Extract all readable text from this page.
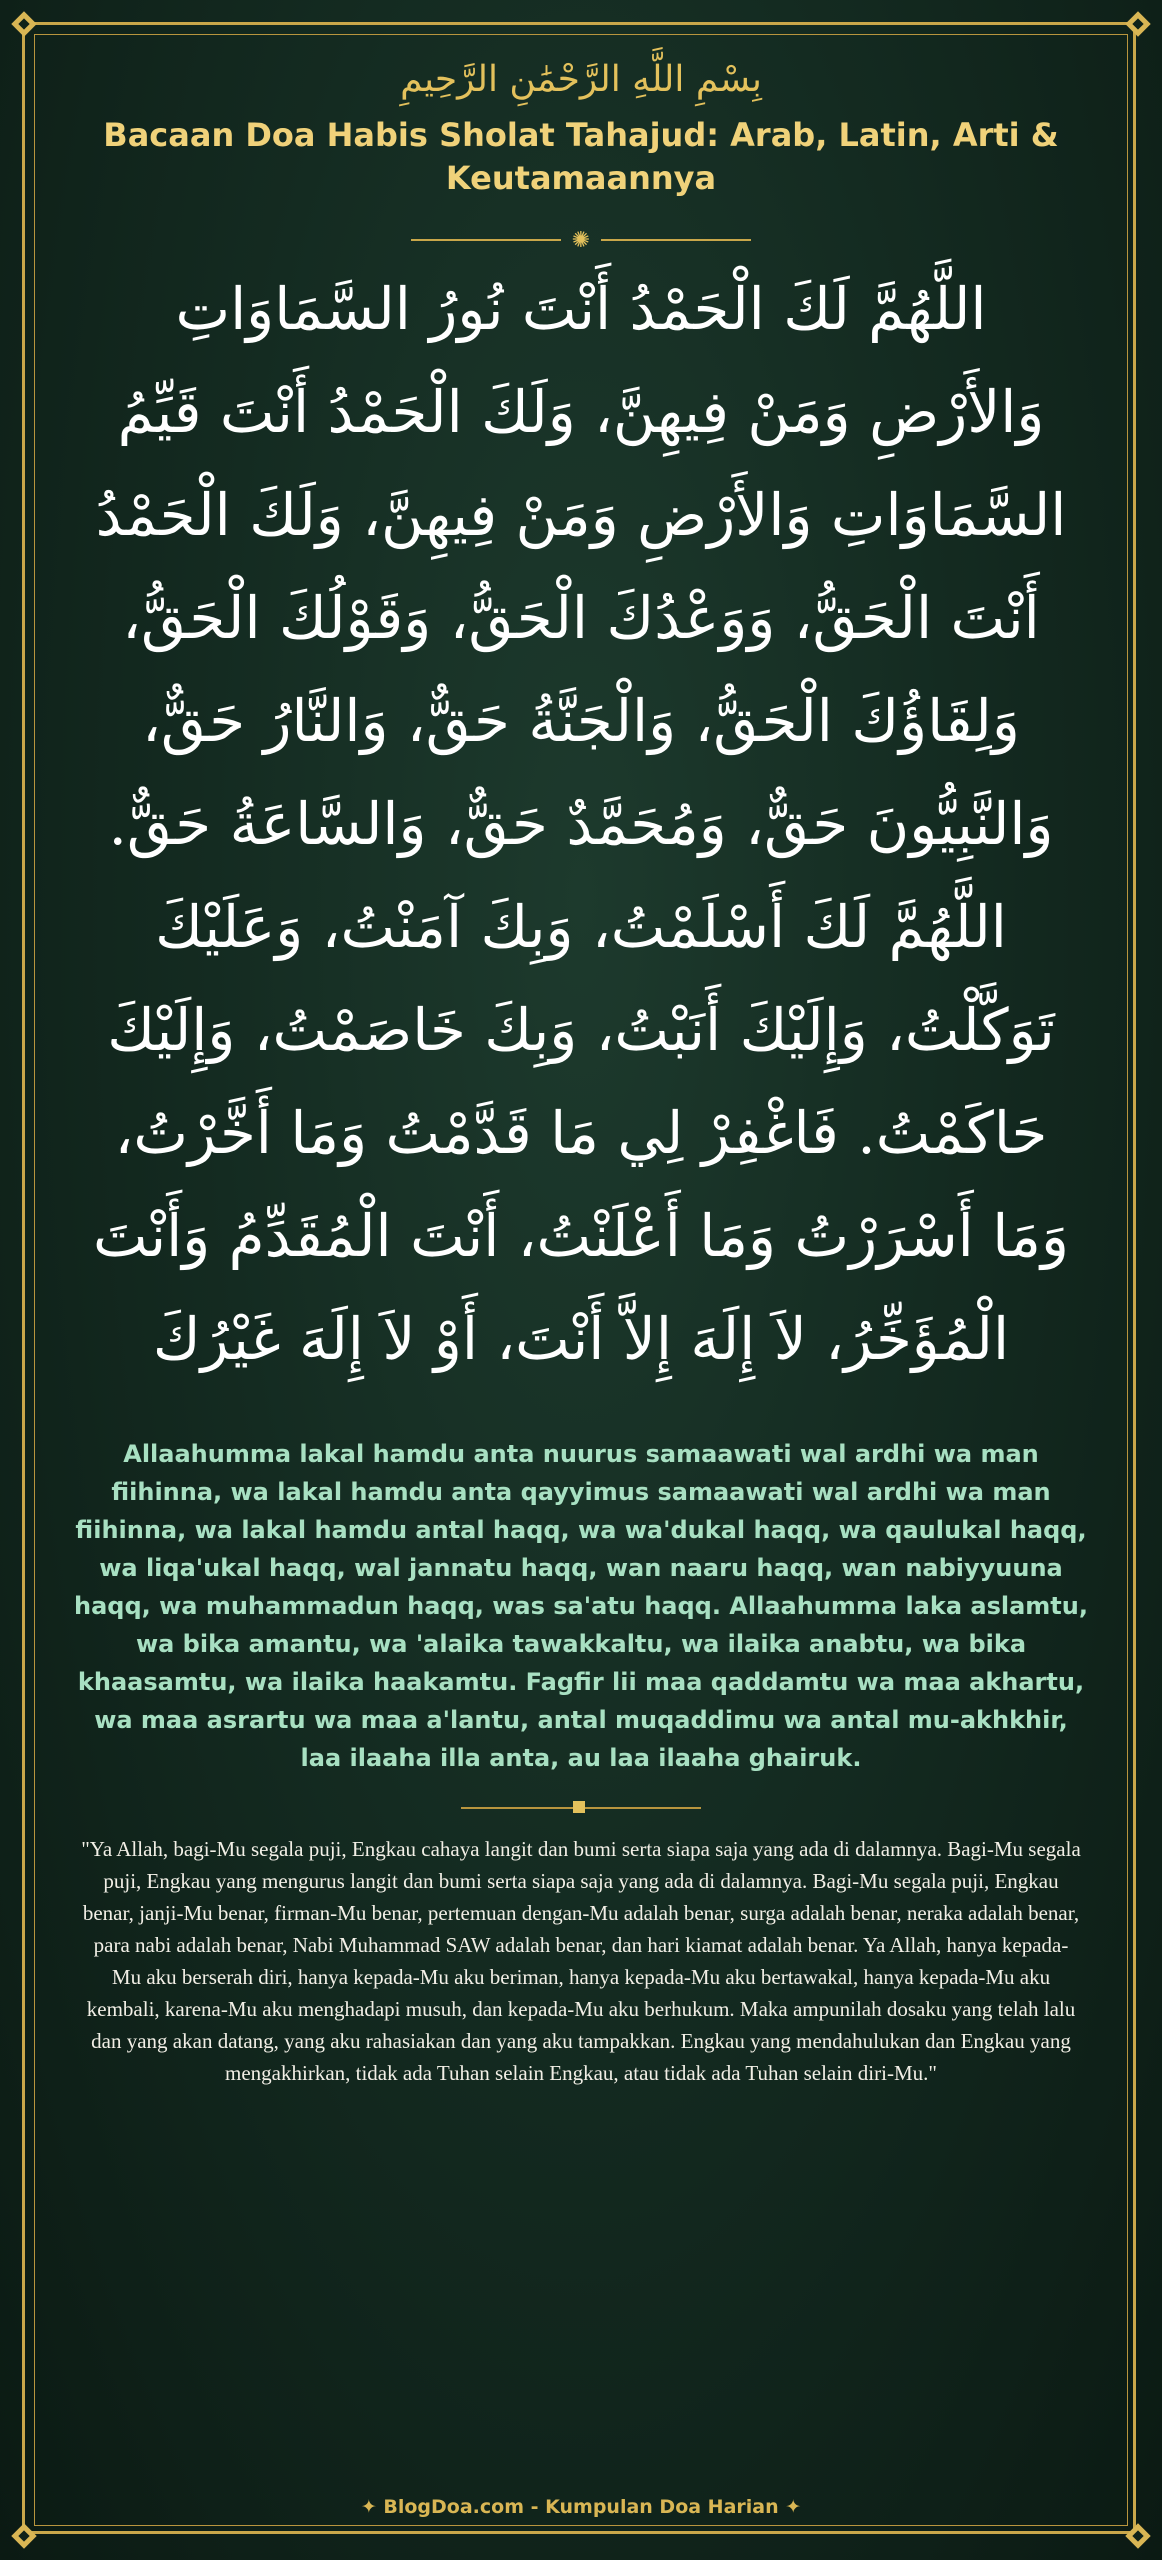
بِسْمِ اللَّهِ الرَّحْمَٰنِ الرَّحِيمِ

Bacaan Doa Habis Sholat Tahajud: Arab, Latin, Arti & Keutamaannya
✺

اللَّهُمَّ لَكَ الْحَمْدُ أَنْتَ نُورُ السَّمَاوَاتِ وَالأَرْضِ وَمَنْ فِيهِنَّ، وَلَكَ الْحَمْدُ أَنْتَ قَيِّمُ السَّمَاوَاتِ وَالأَرْضِ وَمَنْ فِيهِنَّ، وَلَكَ الْحَمْدُ أَنْتَ الْحَقُّ، وَوَعْدُكَ الْحَقُّ، وَقَوْلُكَ الْحَقُّ، وَلِقَاؤُكَ الْحَقُّ، وَالْجَنَّةُ حَقٌّ، وَالنَّارُ حَقٌّ، وَالنَّبِيُّونَ حَقٌّ، وَمُحَمَّدٌ حَقٌّ، وَالسَّاعَةُ حَقٌّ. اللَّهُمَّ لَكَ أَسْلَمْتُ، وَبِكَ آمَنْتُ، وَعَلَيْكَ تَوَكَّلْتُ، وَإِلَيْكَ أَنَبْتُ، وَبِكَ خَاصَمْتُ، وَإِلَيْكَ حَاكَمْتُ. فَاغْفِرْ لِي مَا قَدَّمْتُ وَمَا أَخَّرْتُ، وَمَا أَسْرَرْتُ وَمَا أَعْلَنْتُ، أَنْتَ الْمُقَدِّمُ وَأَنْتَ الْمُؤَخِّرُ، لاَ إِلَهَ إِلاَّ أَنْتَ، أَوْ لاَ إِلَهَ غَيْرُكَ

Allaahumma lakal hamdu anta nuurus samaawati wal ardhi wa man fiihinna, wa lakal hamdu anta qayyimus samaawati wal ardhi wa man fiihinna, wa lakal hamdu antal haqq, wa wa'dukal haqq, wa qaulukal haqq, wa liqa'ukal haqq, wal jannatu haqq, wan naaru haqq, wan nabiyyuuna haqq, wa muhammadun haqq, was sa'atu haqq. Allaahumma laka aslamtu, wa bika amantu, wa 'alaika tawakkaltu, wa ilaika anabtu, wa bika khaasamtu, wa ilaika haakamtu. Fagfir lii maa qaddamtu wa maa akhartu, wa maa asrartu wa maa a'lantu, antal muqaddimu wa antal mu-akhkhir, laa ilaaha illa anta, au laa ilaaha ghairuk.

"Ya Allah, bagi-Mu segala puji, Engkau cahaya langit dan bumi serta siapa saja yang ada di dalamnya. Bagi-Mu segala puji, Engkau yang mengurus langit dan bumi serta siapa saja yang ada di dalamnya. Bagi-Mu segala puji, Engkau benar, janji-Mu benar, firman-Mu benar, pertemuan dengan-Mu adalah benar, surga adalah benar, neraka adalah benar, para nabi adalah benar, Nabi Muhammad SAW adalah benar, dan hari kiamat adalah benar. Ya Allah, hanya kepada-Mu aku berserah diri, hanya kepada-Mu aku beriman, hanya kepada-Mu aku bertawakal, hanya kepada-Mu aku kembali, karena-Mu aku menghadapi musuh, dan kepada-Mu aku berhukum. Maka ampunilah dosaku yang telah lalu dan yang akan datang, yang aku rahasiakan dan yang aku tampakkan. Engkau yang mendahulukan dan Engkau yang mengakhirkan, tidak ada Tuhan selain Engkau, atau tidak ada Tuhan selain diri-Mu."

✦ BlogDoa.com - Kumpulan Doa Harian ✦
